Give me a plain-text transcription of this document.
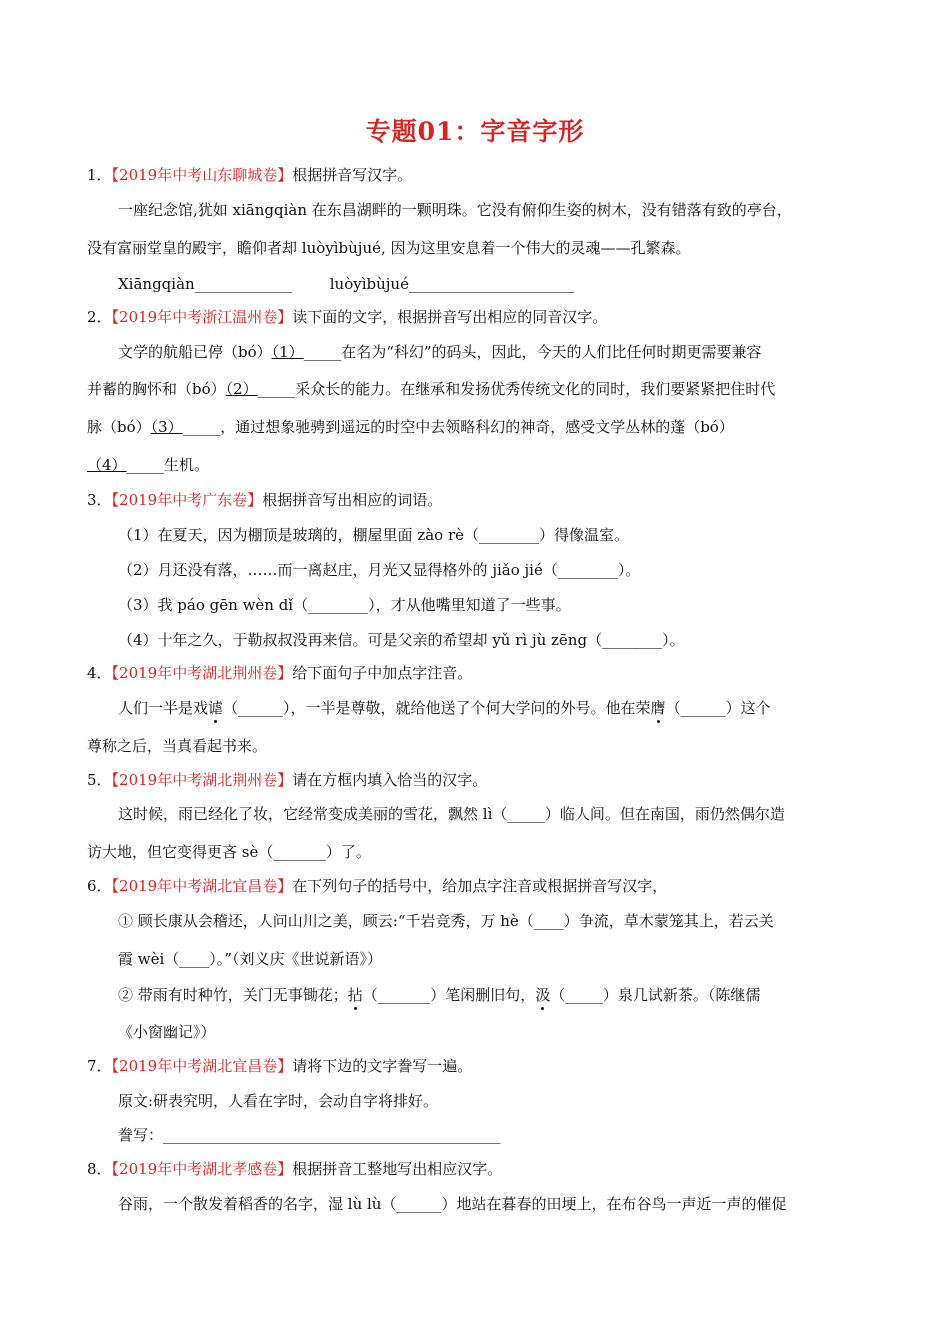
专题01：字音字形
1．【2019年中考山东聊城卷】根据拼音写汉字。
一座纪念馆,犹如 xiāngqiàn 在东昌湖畔的一颗明珠。它没有俯仰生姿的树木，没有错落有致的亭台，
没有富丽堂皇的殿宇，瞻仰者却 luòyìbùjué, 因为这里安息着一个伟大的灵魂——孔繁森。
Xiāngqiàn_____________	luòyìbùjué______________________
2．【2019年中考浙江温州卷】读下面的文字，根据拼音写出相应的同音汉字。
文学的航船已停（bó）（1）_____在名为“科幻”的码头，因此，今天的人们比任何时期更需要兼容
并蓄的胸怀和（bó）（2）_____采众长的能力。在继承和发扬优秀传统文化的同时，我们要紧紧把住时代
脉（bó）（3）_____，通过想象驰骋到遥远的时空中去领略科幻的神奇，感受文学丛林的蓬（bó）
（4）_____生机。
3．【2019年中考广东卷】根据拼音写出相应的词语。
（1）在夏天，因为棚顶是玻璃的，棚屋里面 zào rè（________）得像温室。
（2）月还没有落，……而一离赵庄，月光又显得格外的 jiǎo jié（________）。
（3）我 páo gēn wèn dǐ（________），才从他嘴里知道了一些事。
（4）十年之久，于勒叔叔没再来信。可是父亲的希望却 yǔ rì jù zēng（________）。
4．【2019年中考湖北荆州卷】给下面句子中加点字注音。
人们一半是戏谑（______），一半是尊敬，就给他送了个何大学问的外号。他在荣膺（______）这个
尊称之后，当真看起书来。
5．【2019年中考湖北荆州卷】请在方框内填入恰当的汉字。
这时候，雨已经化了妆，它经常变成美丽的雪花，飘然 lì（_____）临人间。但在南国，雨仍然偶尔造
访大地，但它变得更吝 sè（_______）了。
6．【2019年中考湖北宜昌卷】在下列句子的括号中，给加点字注音或根据拼音写汉字，
① 顾长康从会稽还，人问山川之美，顾云:“千岩竞秀，万 hè（____）争流，草木蒙笼其上，若云关
霞 wèi（____）。”（刘义庆《世说新语》）
② 带雨有时种竹，关门无事锄花；拈（_______）笔闲删旧句，汲（_____）泉几试新茶。（陈继儒
《小窗幽记》）
7．【2019年中考湖北宜昌卷】请将下边的文字誊写一遍。
原文:研表究明，人看在字时，会动自字将排好。
誊写：_____________________________________________
8．【2019年中考湖北孝感卷】根据拼音工整地写出相应汉字。
谷雨，一个散发着稻香的名字，湿 lù lù（______）地站在暮春的田埂上，在布谷鸟一声近一声的催促
